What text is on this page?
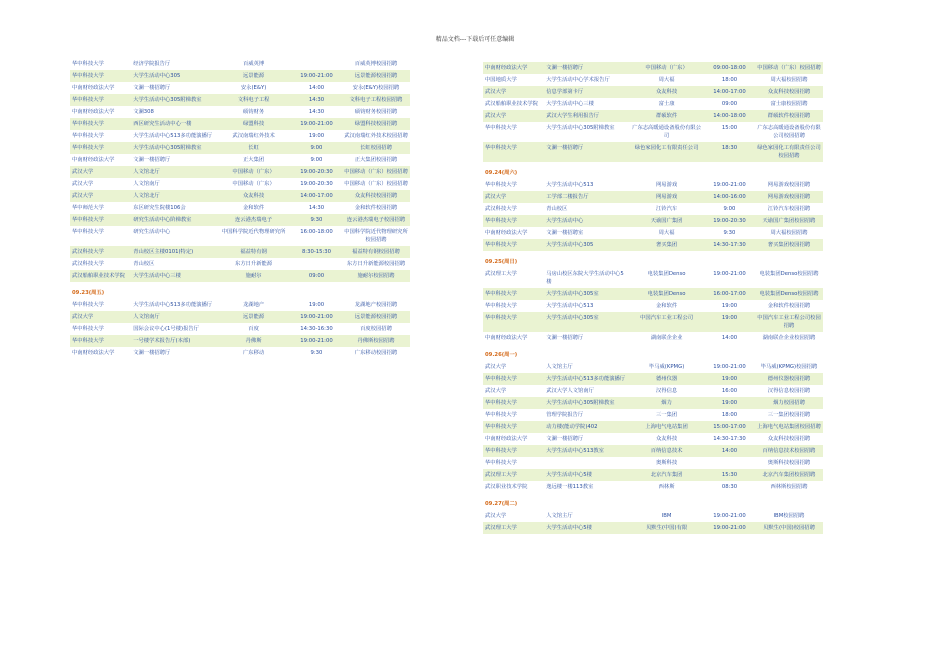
精品文档---下载后可任意编辑
华中科技大学	经济学院报告厅	百威英博		百威英博校园招聘
华中科技大学	大学生活动中心305	远景能源	19:00-21:00	远景能源校园招聘
中南财经政法大学	文澜一楼招聘厅	安永(E&Y)	14:00	安永(E&Y)校园招聘
华中科技大学	大学生活动中心305附梯教室	文科电子工程	14:30	文科电子工程校园招聘
中南财经政法大学	文澜308	硕钧财务	14:30	硕钧财务校园招聘
华中科技大学	西区研究生活动中心一楼	绿盟科技	19:00-21:00	绿盟科技校园招聘
华中科技大学	大学生活动中心513多功能演播厅	武汉南瑞红外技术	19:00	武汉南瑞红外技术校园招聘
华中科技大学	大学生活动中心305附梯教室	长虹	9:00	长虹校园招聘
中南财经政法大学	文澜一楼招聘厅	正大集团	9:00	正大集团校园招聘
武汉大学	人文馆北厅	中国移动（广东）	19:00-20:30	中国移动（广东）校园招聘
武汉大学	人文馆南厅	中国移动（广东）	19:00-20:30	中国移动（广东）校园招聘
武汉大学	人文馆北厅	众友科技	14:00-17:00	众友科技校园招聘
华中师范大学	东区研究生院楼106会	金和软件	14:30	金和软件校园招聘
华中科技大学	研究生活动中心阶梯教室	连云港杰瑞电子	9:30	连云港杰瑞电子校园招聘
华中科技大学	研究生活动中心	中国科学院近代物理研究所	16:00-18:00	中国科学院近代物理研究所校园招聘
武汉科技大学	青山校区主楼0101(特定)	福益特有钢	8:30-15:30	福益特有钢校园招聘
武汉科技大学	青山校区	东方日升新能源		东方日升新能源校园招聘
武汉船舶职业技术学院	大学生活动中心三楼	施耐尔	09:00	施耐尔校园招聘
09.23(周五)				
华中科技大学	大学生活动中心513多功能演播厅	龙湖地产	19:00	龙湖地产校园招聘
武汉大学	人文馆南厅	远景能源	19:00-21:00	远景能源校园招聘
华中科技大学	国际会议中心(1号楼)报告厅	百度	14:30-16:30	百度校园招聘
华中科技大学	一号楼学术报告厅(本部)	丹佛斯	19:00-21:00	丹佛斯校园招聘
中南财经政法大学	文澜一楼招聘厅	广东移动	9:30	广东移动校园招聘
中南财经政法大学	文澜一楼招聘厅	中国移动（广东）	09:00-18:00	中国移动（广东）校园招聘
中国地质大学	大学生活动中心学术报告厅	周大福	18:00	周大福校园招聘
武汉大学	信息学部第卡厅	众友科技	14:00-17:00	众友科技校园招聘
武汉船舶职业技术学院	大学生活动中心三楼	富士康	09:00	富士康校园招聘
武汉大学	武汉大学生利用报告厅	群硕软件	14:00-18:00	群硕软件校园招聘
华中科技大学	大学生活动中心305附梯教室	广东志高暖通设备股份有限公司	15:00	广东志高暖通设备股份有限公司校园招聘
华中科技大学	文澜一楼招聘厅	绿色家园化工有限责任公司	18:30	绿色家园化工有限责任公司校园招聘
09.24(周六)				
华中科技大学	大学生活动中心513	网易游戏	19:00-21:00	网易游戏校园招聘
武汉大学	工学部二楼报告厅	网易游戏	14:00-16:00	网易游戏校园招聘
武汉科技大学	青山校区	江铃汽车	9:00	江铃汽车校园招聘
华中科技大学	大学生活动中心	天谕国广集团	19:00-20:30	天谕国广集团校园招聘
中南财经政法大学	文澜一楼招聘室	周大福	9:30	周大福校园招聘
华中科技大学	大学生活动中心305	奢买集团	14:30-17:30	奢买集团校园招聘
09.25(周日)				
武汉理工大学	马房山校区东院大学生活动中心5楼	电装集团Denso	19:00-21:00	电装集团Denso校园招聘
华中科技大学	大学生活动中心305室	电装集团Denso	16:00-17:00	电装集团Denso校园招聘
华中科技大学	大学生活动中心513	金和软件	19:00	金和软件校园招聘
华中科技大学	大学生活动中心305室	中国汽车工业工程公司	19:00	中国汽车工业工程公司校园招聘
中南财经政法大学	文澜一楼招聘厅	湖南联企企业	14:00	湖南联企企业校园招聘
09.26(周一)				
武汉大学	人文馆主厅	毕马威(KPMG)	19:00-21:00	毕马威(KPMG)校园招聘
华中科技大学	大学生活动中心513多功能演播厅	德州仪器	19:00	德州仪器校园招聘
武汉大学	武汉大学人文馆南厅	汉得信息	16:00	汉得信息校园招聘
华中科技大学	大学生活动中心305附梯教室	烟力	19:00	烟力校园招聘
华中科技大学	管理学院报告厅	三一集团	18:00	三一集团校园招聘
华中科技大学	动力楼(能动学院)402	上海电气电站集团	15:00-17:00	上海电气电站集团校园招聘
中南财经政法大学	文澜一楼招聘厅	众友科技	14:30-17:30	众友科技校园招聘
华中科技大学	大学生活动中心513教室	百纳信息技术	14:00	百纳信息技术校园招聘
华中科技大学		奥斯科技		奥斯科技校园招聘
武汉理工大学	大学生活动中心5楼	北京汽车集团	15:30	北京汽车集团校园招聘
武汉职业技术学院	逸远楼一楼113教室	西林斯	08:30	西林斯校园招聘
09.27(周二)				
武汉大学	人文馆主厅	IBM	19:00-21:00	IBM校园招聘
武汉理工大学	大学生活动中心5楼	贝默生(中国)有限	19:00-21:00	贝默生(中国)校园招聘
